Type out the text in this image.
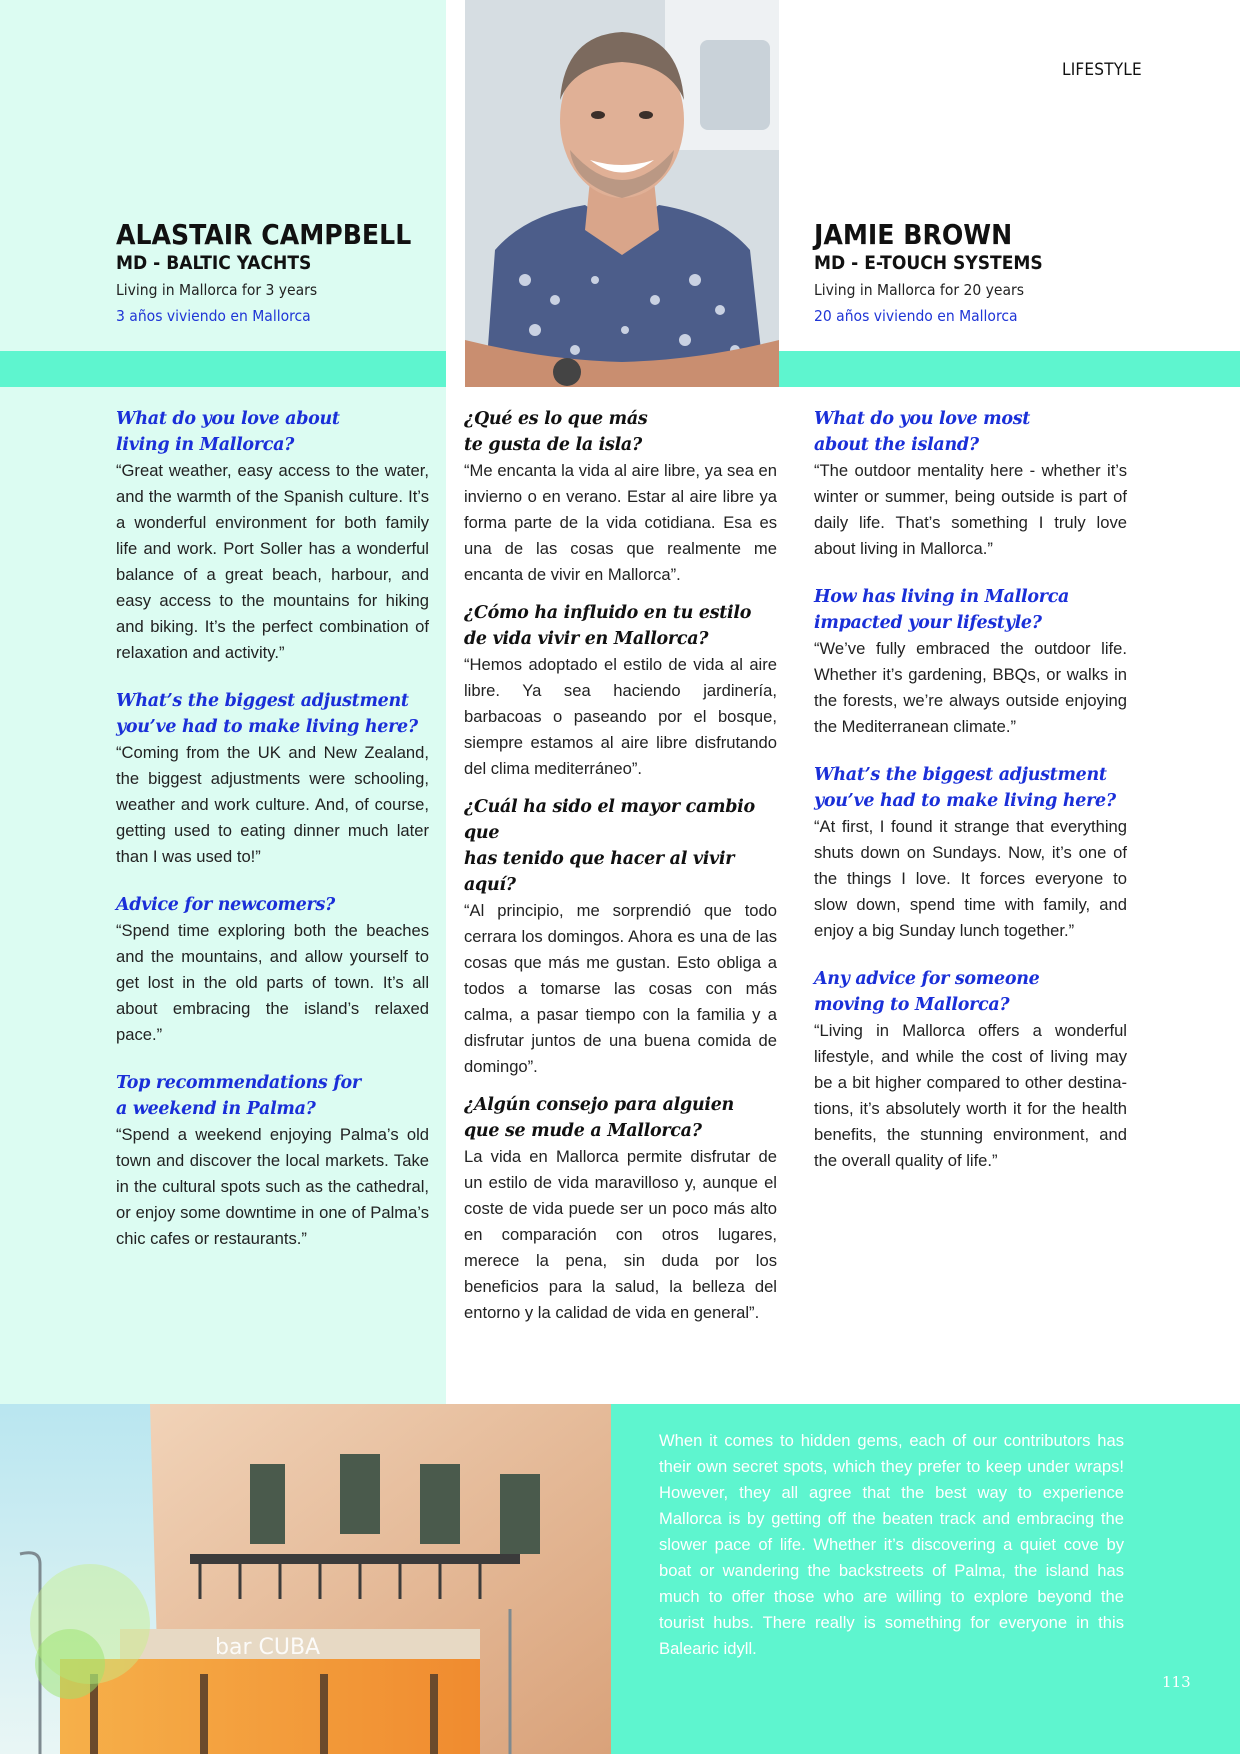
bar CUBA
LIFESTYLE
ALASTAIR CAMPBELL
MD - BALTIC YACHTS
Living in Mallorca for 3 years
3 años viviendo en Mallorca
JAMIE BROWN
MD - E-TOUCH SYSTEMS
Living in Mallorca for 20 years
20 años viviendo en Mallorca
What do you love about
living in Mallorca?
“Great weather, easy access to the water, and the warmth of the Spanish culture. It’s a wonderful environment for both family life and work. Port Soller has a wonderful balance of a great beach, harbour, and easy access to the mountains for hiking and biking. It’s the perfect combination of relaxation and activity.”
What’s the biggest adjustment
you’ve had to make living here?
“Coming from the UK and New Zealand, the biggest adjustments were schooling, weather and work culture. And, of course, getting used to eating dinner much later than I was used to!”
Advice for newcomers?
“Spend time exploring both the beaches and the mountains, and allow yourself to get lost in the old parts of town. It’s all about embracing the island’s relaxed pace.”
Top recommendations for
a weekend in Palma?
“Spend a weekend enjoying Palma’s old town and discover the local markets. Take in the cultural spots such as the cathedral, or enjoy some downtime in one of Palma’s chic cafes or restaurants.”
¿Qué es lo que más
te gusta de la isla?
“Me encanta la vida al aire libre, ya sea en invierno o en verano. Estar al aire libre ya forma parte de la vida cotidiana. Esa es una de las cosas que realmente me encanta de vivir en Mallorca”.
¿Cómo ha influido en tu estilo
de vida vivir en Mallorca?
“Hemos adoptado el estilo de vida al aire libre. Ya sea haciendo jardinería, barbacoas o paseando por el bosque, siempre estamos al aire libre disfrutando del clima mediterráneo”.
¿Cuál ha sido el mayor cambio que
has tenido que hacer al vivir aquí?
“Al principio, me sorprendió que todo cerrara los domingos. Ahora es una de las cosas que más me gustan. Esto obliga a todos a tomarse las cosas con más calma, a pasar tiempo con la familia y a disfrutar juntos de una buena comida de domingo”.
¿Algún consejo para alguien
que se mude a Mallorca?
La vida en Mallorca permite disfrutar de un estilo de vida maravilloso y, aunque el coste de vida puede ser un poco más alto en comparación con otros lugares, merece la pena, sin duda por los beneficios para la salud, la belleza del entorno y la calidad de vida en general”.
What do you love most
about the island?
“The outdoor mentality here - whether it’s winter or summer, being outside is part of daily life. That’s something I truly love about living in Mallorca.”
How has living in Mallorca
impacted your lifestyle?
“We’ve fully embraced the outdoor life. Whether it’s gardening, BBQs, or walks in the forests, we’re always outside enjoying the Mediterranean climate.”
What’s the biggest adjustment
you’ve had to make living here?
“At first, I found it strange that everything shuts down on Sundays. Now, it’s one of the things I love. It forces everyone to slow down, spend time with family, and enjoy a big Sunday lunch together.”
Any advice for someone
moving to Mallorca?
“Living in Mallorca offers a wonderful lifestyle, and while the cost of living may be a bit higher compared to other destina-tions, it’s absolutely worth it for the health benefits, the stunning environment, and the overall quality of life.”
When it comes to hidden gems, each of our contributors has their own secret spots, which they prefer to keep under wraps! However, they all agree that the best way to experience Mallorca is by getting off the beaten track and embracing the slower pace of life. Whether it’s discovering a quiet cove by boat or wandering the backstreets of Palma, the island has much to offer those who are willing to explore beyond the tourist hubs. There really is something for everyone in this Balearic idyll.
113
